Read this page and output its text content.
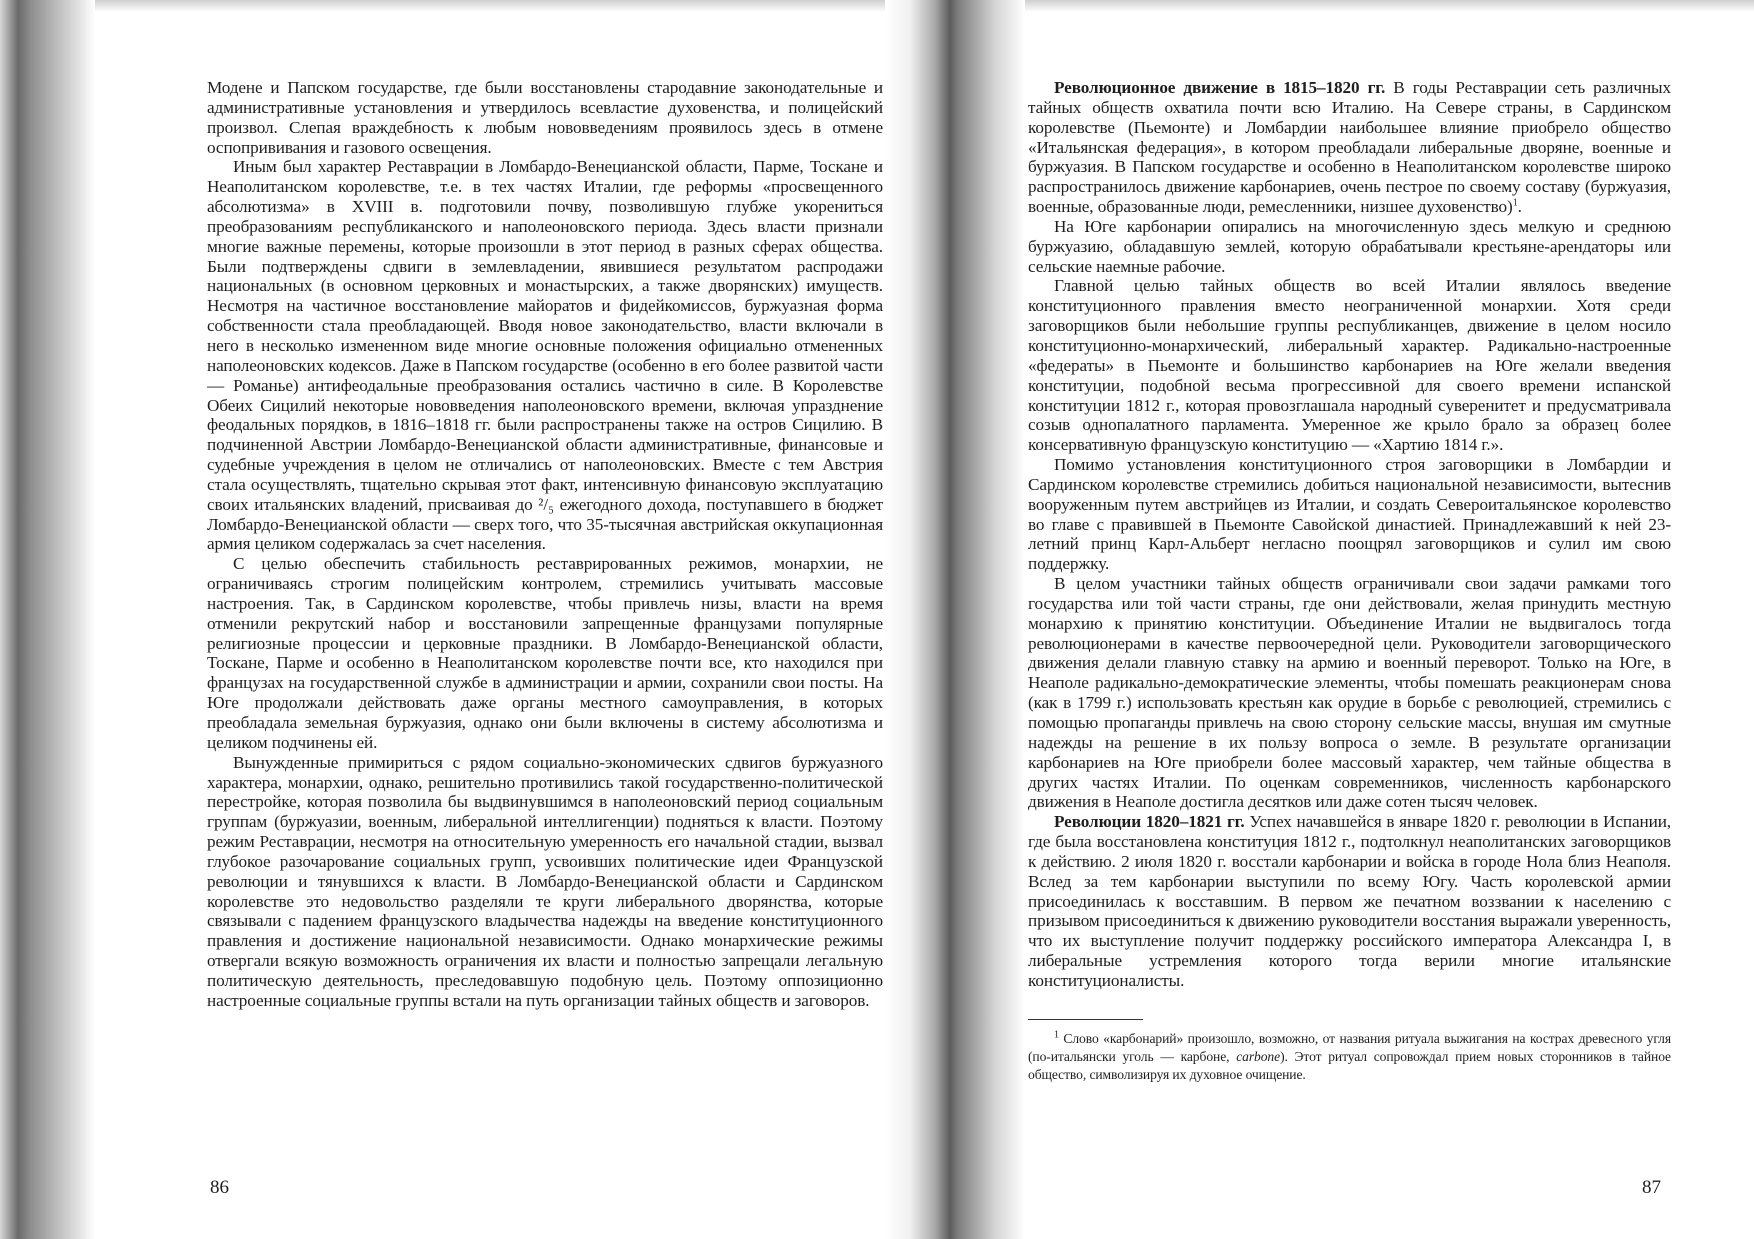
Модене и Папском государстве, где были восстановлены стародавние законодательные и административные установления и утвердилось всевластие духовенства, и полицейский произвол. Слепая враждебность к любым нововведениям проявилось здесь в отмене оспопрививания и газового освещения.

Иным был характер Реставрации в Ломбардо-Венецианской области, Парме, Тоскане и Неаполитанском королевстве, т.е. в тех частях Италии, где реформы «просвещенного абсолютизма» в XVIII в. подготовили почву, позволившую глубже укорениться преобразованиям республиканского и наполеоновского периода. Здесь власти признали многие важные перемены, которые произошли в этот период в разных сферах общества. Были подтверждены сдвиги в землевладении, явившиеся результатом распродажи национальных (в основном церковных и монастырских, а также дворянских) имуществ. Несмотря на частичное восстановление майоратов и фидейкомиссов, буржуазная форма собственности стала преобладающей. Вводя новое законодательство, власти включали в него в несколько измененном виде многие основные положения официально отмененных наполеоновских кодексов. Даже в Папском государстве (особенно в его более развитой части — Романье) антифеодальные преобразования остались частично в силе. В Королевстве Обеих Сицилий некоторые нововведения наполеоновского времени, включая упразднение феодальных порядков, в 1816–1818 гг. были распространены также на остров Сицилию. В подчиненной Австрии Ломбардо-Венецианской области административные, финансовые и судебные учреждения в целом не отличались от наполеоновских. Вместе с тем Австрия стала осуществлять, тщательно скрывая этот факт, интенсивную финансовую эксплуатацию своих итальянских владений, присваивая до ²/₅ ежегодного дохода, поступавшего в бюджет Ломбардо-Венецианской области — сверх того, что 35-тысячная австрийская оккупационная армия целиком содержалась за счет населения.

С целью обеспечить стабильность реставрированных режимов, монархии, не ограничиваясь строгим полицейским контролем, стремились учитывать массовые настроения. Так, в Сардинском королевстве, чтобы привлечь низы, власти на время отменили рекрутский набор и восстановили запрещенные французами популярные религиозные процессии и церковные праздники. В Ломбардо-Венецианской области, Тоскане, Парме и особенно в Неаполитанском королевстве почти все, кто находился при французах на государственной службе в администрации и армии, сохранили свои посты. На Юге продолжали действовать даже органы местного самоуправления, в которых преобладала земельная буржуазия, однако они были включены в систему абсолютизма и целиком подчинены ей.

Вынужденные примириться с рядом социально-экономических сдвигов буржуазного характера, монархии, однако, решительно противились такой государственно-политической перестройке, которая позволила бы выдвинувшимся в наполеоновский период социальным группам (буржуазии, военным, либеральной интеллигенции) подняться к власти. Поэтому режим Реставрации, несмотря на относительную умеренность его начальной стадии, вызвал глубокое разочарование социальных групп, усвоивших политические идеи Французской революции и тянувшихся к власти. В Ломбардо-Венецианской области и Сардинском королевстве это недовольство разделяли те круги либерального дворянства, которые связывали с падением французского владычества надежды на введение конституционного правления и достижение национальной независимости. Однако монархические режимы отвергали всякую возможность ограничения их власти и полностью запрещали легальную политическую деятельность, преследовавшую подобную цель. Поэтому оппозиционно настроенные социальные группы встали на путь организации тайных обществ и заговоров.

86

Революционное движение в 1815–1820 гг. В годы Реставрации сеть различных тайных обществ охватила почти всю Италию. На Севере страны, в Сардинском королевстве (Пьемонте) и Ломбардии наибольшее влияние приобрело общество «Итальянская федерация», в котором преобладали либеральные дворяне, военные и буржуазия. В Папском государстве и особенно в Неаполитанском королевстве широко распространилось движение карбонариев, очень пестрое по своему составу (буржуазия, военные, образованные люди, ремесленники, низшее духовенство)$^1$.

На Юге карбонарии опирались на многочисленную здесь мелкую и среднюю буржуазию, обладавшую землей, которую обрабатывали крестьяне-арендаторы или сельские наемные рабочие.

Главной целью тайных обществ во всей Италии являлось введение конституционного правления вместо неограниченной монархии. Хотя среди заговорщиков были небольшие группы республиканцев, движение в целом носило конституционно-монархический, либеральный характер. Радикально-настроенные «федераты» в Пьемонте и большинство карбонариев на Юге желали введения конституции, подобной весьма прогрессивной для своего времени испанской конституции 1812 г., которая провозглашала народный суверенитет и предусматривала созыв однопалатного парламента. Умеренное же крыло брало за образец более консервативную французскую конституцию — «Хартию 1814 г.».

Помимо установления конституционного строя заговорщики в Ломбардии и Сардинском королевстве стремились добиться национальной независимости, вытеснив вооруженным путем австрийцев из Италии, и создать Североитальянское королевство во главе с правившей в Пьемонте Савойской династией. Принадлежавший к ней 23-летний принц Карл-Альберт негласно поощрял заговорщиков и сулил им свою поддержку.

В целом участники тайных обществ ограничивали свои задачи рамками того государства или той части страны, где они действовали, желая принудить местную монархию к принятию конституции. Объединение Италии не выдвигалось тогда революционерами в качестве первоочередной цели. Руководители заговорщического движения делали главную ставку на армию и военный переворот. Только на Юге, в Неаполе радикально-демократические элементы, чтобы помешать реакционерам снова (как в 1799 г.) использовать крестьян как орудие в борьбе с революцией, стремились с помощью пропаганды привлечь на свою сторону сельские массы, внушая им смутные надежды на решение в их пользу вопроса о земле. В результате организации карбонариев на Юге приобрели более массовый характер, чем тайные общества в других частях Италии. По оценкам современников, численность карбонарского движения в Неаполе достигла десятков или даже сотен тысяч человек.

Революции 1820–1821 гг. Успех начавшейся в январе 1820 г. революции в Испании, где была восстановлена конституция 1812 г., подтолкнул неаполитанских заговорщиков к действию. 2 июля 1820 г. восстали карбонарии и войска в городе Нола близ Неаполя. Вслед за тем карбонарии выступили по всему Югу. Часть королевской армии присоединилась к восставшим. В первом же печатном воззвании к населению с призывом присоединиться к движению руководители восстания выражали уверенность, что их выступление получит поддержку российского императора Александра I, в либеральные устремления которого тогда верили многие итальянские конституционалисты.

$^1$ Слово «карбонарий» произошло, возможно, от названия ритуала выжигания на кострах древесного угля (по-итальянски уголь — карбоне, carbone). Этот ритуал сопровождал прием новых сторонников в тайное общество, символизируя их духовное очищение.

87
